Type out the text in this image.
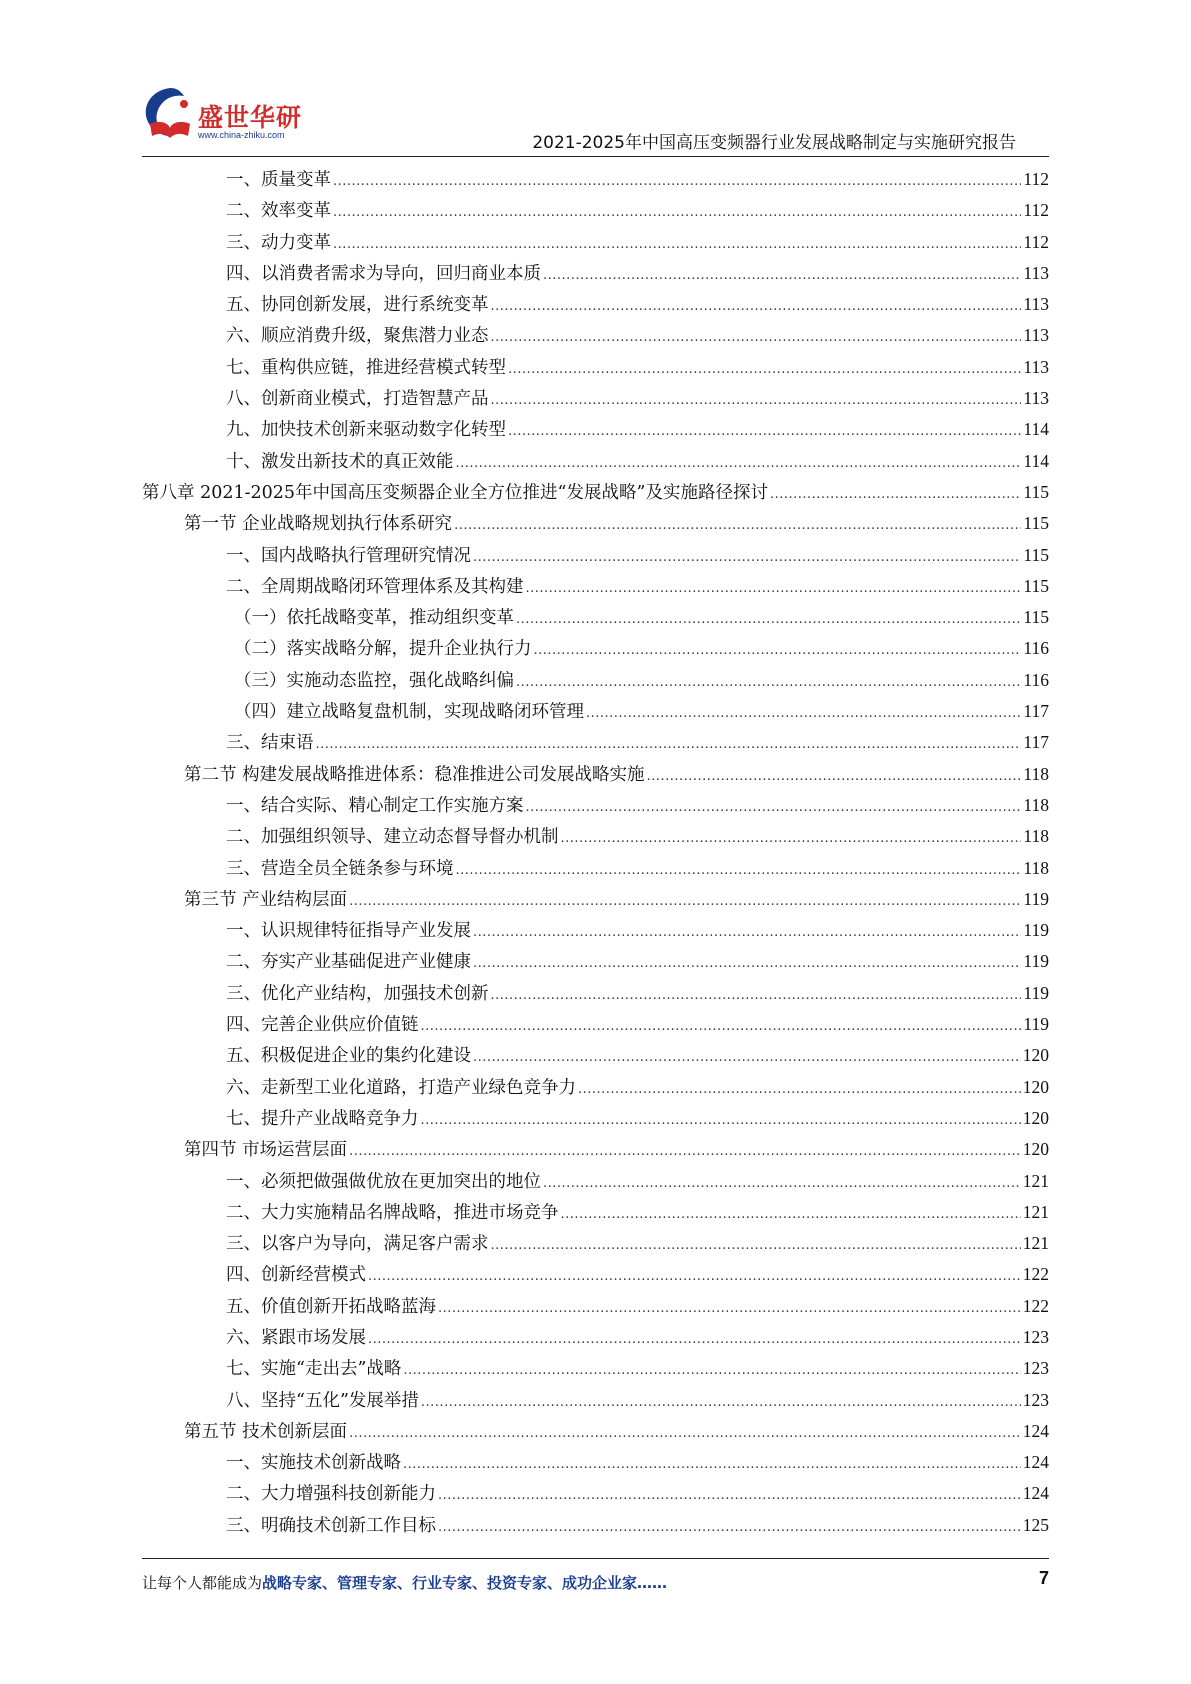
盛世华研
www.china-zhiku.com	2021-2025年中国高压变频器行业发展战略制定与实施研究报告
一、质量变革 .....	112
二、效率变革 .....	112
三、动力变革 .....	112
四、以消费者需求为导向，回归商业本质 .....	113
五、协同创新发展，进行系统变革 .....	113
六、顺应消费升级，聚焦潜力业态 .....	113
七、重构供应链，推进经营模式转型 .....	113
八、创新商业模式，打造智慧产品 .....	113
九、加快技术创新来驱动数字化转型 .....	114
十、激发出新技术的真正效能 .....	114
第八章 2021-2025年中国高压变频器企业全方位推进“发展战略”及实施路径探讨 .....	115
第一节 企业战略规划执行体系研究 .....	115
一、国内战略执行管理研究情况 .....	115
二、全周期战略闭环管理体系及其构建 .....	115
（一）依托战略变革，推动组织变革 .....	115
（二）落实战略分解，提升企业执行力 .....	116
（三）实施动态监控，强化战略纠偏 .....	116
（四）建立战略复盘机制，实现战略闭环管理 .....	117
三、结束语 .....	117
第二节 构建发展战略推进体系：稳准推进公司发展战略实施 .....	118
一、结合实际、精心制定工作实施方案 .....	118
二、加强组织领导、建立动态督导督办机制 .....	118
三、营造全员全链条参与环境 .....	118
第三节 产业结构层面 .....	119
一、认识规律特征指导产业发展 .....	119
二、夯实产业基础促进产业健康 .....	119
三、优化产业结构，加强技术创新 .....	119
四、完善企业供应价值链 .....	119
五、积极促进企业的集约化建设 .....	120
六、走新型工业化道路，打造产业绿色竞争力 .....	120
七、提升产业战略竞争力 .....	120
第四节 市场运营层面 .....	120
一、必须把做强做优放在更加突出的地位 .....	121
二、大力实施精品名牌战略，推进市场竞争 .....	121
三、以客户为导向，满足客户需求 .....	121
四、创新经营模式 .....	122
五、价值创新开拓战略蓝海 .....	122
六、紧跟市场发展 .....	123
七、实施“走出去”战略 .....	123
八、坚持“五化”发展举措 .....	123
第五节 技术创新层面 .....	124
一、实施技术创新战略 .....	124
二、大力增强科技创新能力 .....	124
三、明确技术创新工作目标 .....	125
让每个人都能成为战略专家、管理专家、行业专家、投资专家、成功企业家……	7
